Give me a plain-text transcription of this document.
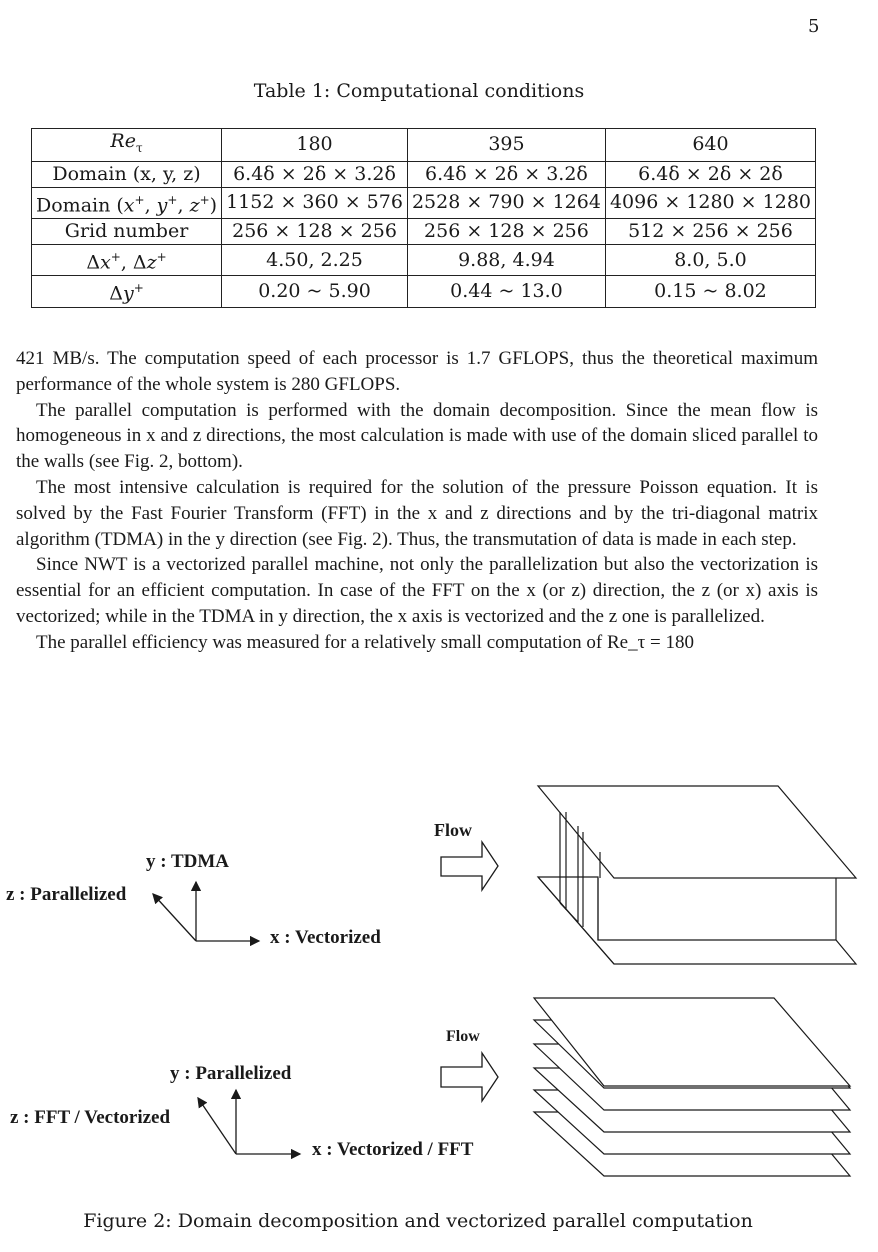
5
Table 1: Computational conditions
$Re_\tau$	180	395	640
Domain (x, y, z)	6.4δ × 2δ × 3.2δ	6.4δ × 2δ × 3.2δ	6.4δ × 2δ × 2δ
Domain (x+, y+, z+)	1152 × 360 × 576	2528 × 790 × 1264	4096 × 1280 × 1280
Grid number	256 × 128 × 256	256 × 128 × 256	512 × 256 × 256
Δx+, Δz+	4.50, 2.25	9.88, 4.94	8.0, 5.0
Δy+	0.20 ~ 5.90	0.44 ~ 13.0	0.15 ~ 8.02

421 MB/s. The computation speed of each processor is 1.7 GFLOPS, thus the theoretical maximum performance of the whole system is 280 GFLOPS.

The parallel computation is performed with the domain decomposition. Since the mean flow is homogeneous in x and z directions, the most calculation is made with use of the domain sliced parallel to the walls (see Fig. 2, bottom).

The most intensive calculation is required for the solution of the pressure Poisson equation. It is solved by the Fast Fourier Transform (FFT) in the x and z directions and by the tri-diagonal matrix algorithm (TDMA) in the y direction (see Fig. 2). Thus, the transmutation of data is made in each step.

Since NWT is a vectorized parallel machine, not only the parallelization but also the vectorization is essential for an efficient computation. In case of the FFT on the x (or z) direction, the z (or x) axis is vectorized; while in the TDMA in y direction, the x axis is vectorized and the z one is parallelized.

The parallel efficiency was measured for a relatively small computation of Re_τ = 180

y : TDMA
z : Parallelized
x : Vectorized
Flow
y : Parallelized
z : FFT / Vectorized
x : Vectorized / FFT
Flow
Figure 2: Domain decomposition and vectorized parallel computation
